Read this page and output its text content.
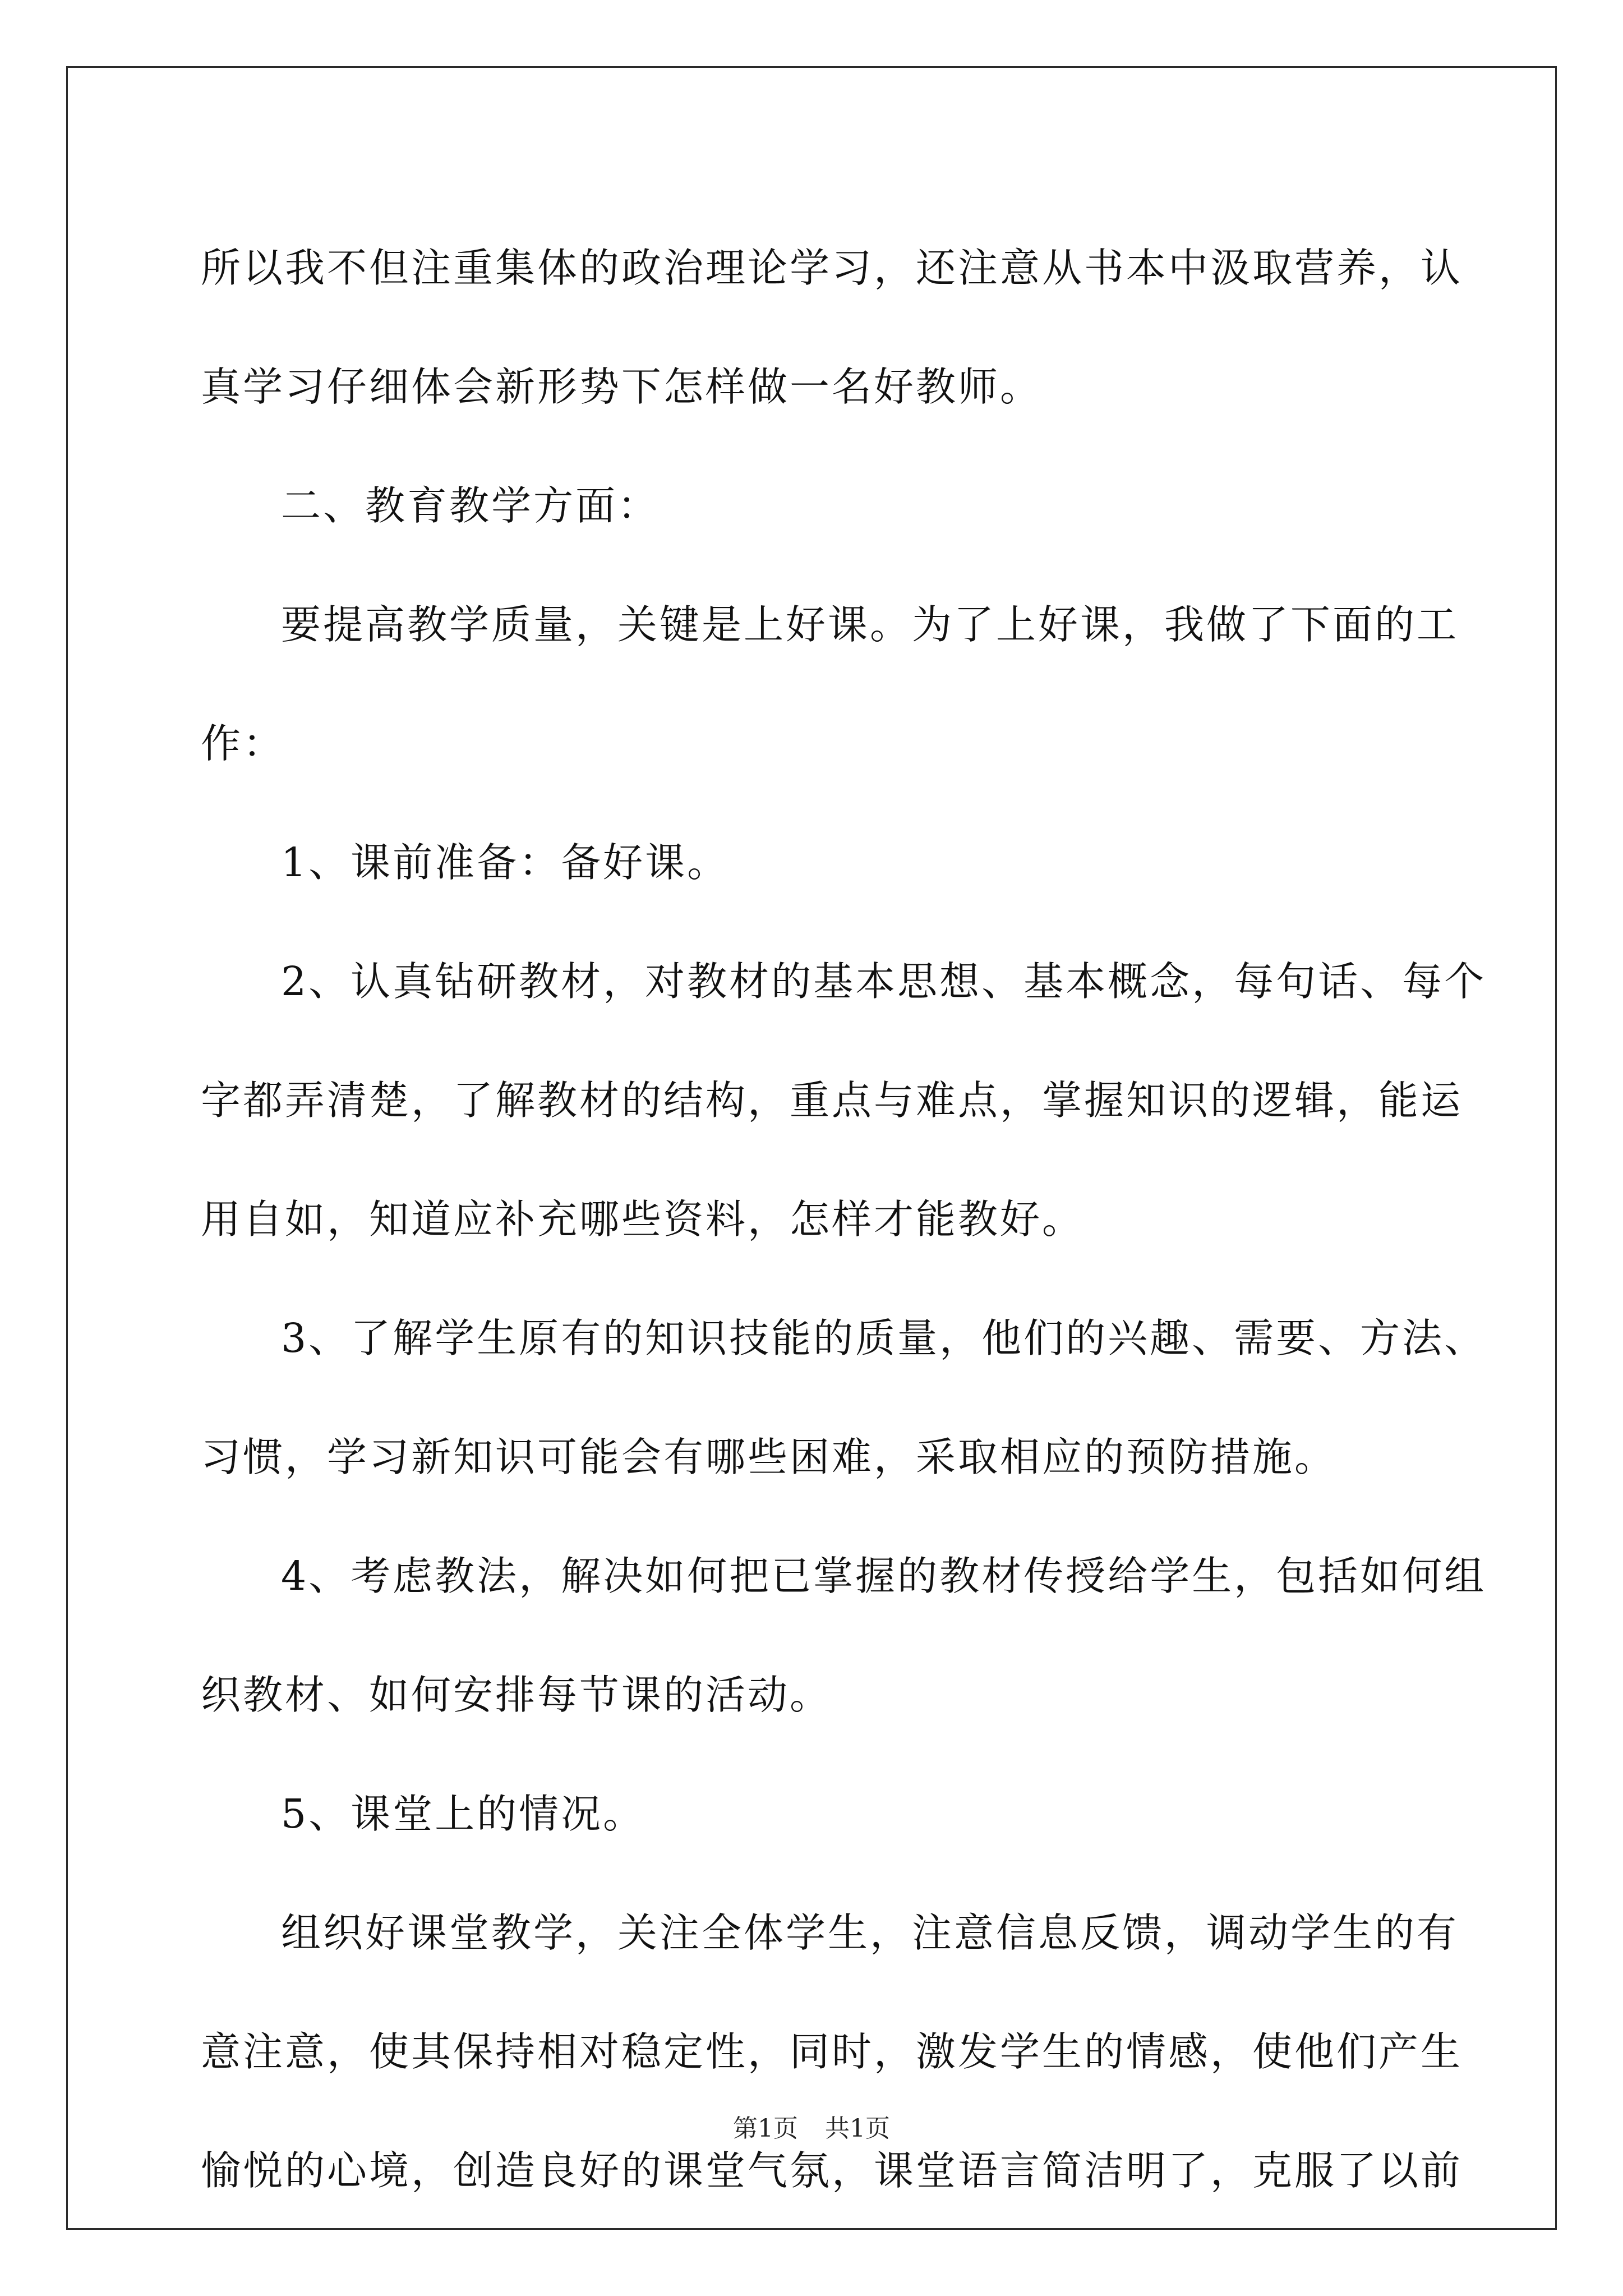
所以我不但注重集体的政治理论学习，还注意从书本中汲取营养，认

真学习仔细体会新形势下怎样做一名好教师。

二、教育教学方面：

要提高教学质量，关键是上好课。为了上好课，我做了下面的工

作：

1、课前准备：备好课。

2、认真钻研教材，对教材的基本思想、基本概念，每句话、每个

字都弄清楚，了解教材的结构，重点与难点，掌握知识的逻辑，能运

用自如，知道应补充哪些资料，怎样才能教好。

3、了解学生原有的知识技能的质量，他们的兴趣、需要、方法、

习惯，学习新知识可能会有哪些困难，采取相应的预防措施。

4、考虑教法，解决如何把已掌握的教材传授给学生，包括如何组

织教材、如何安排每节课的活动。

5、课堂上的情况。

组织好课堂教学，关注全体学生，注意信息反馈，调动学生的有

意注意，使其保持相对稳定性，同时，激发学生的情感，使他们产生

愉悦的心境，创造良好的课堂气氛，课堂语言简洁明了，克服了以前

第1页 共1页
